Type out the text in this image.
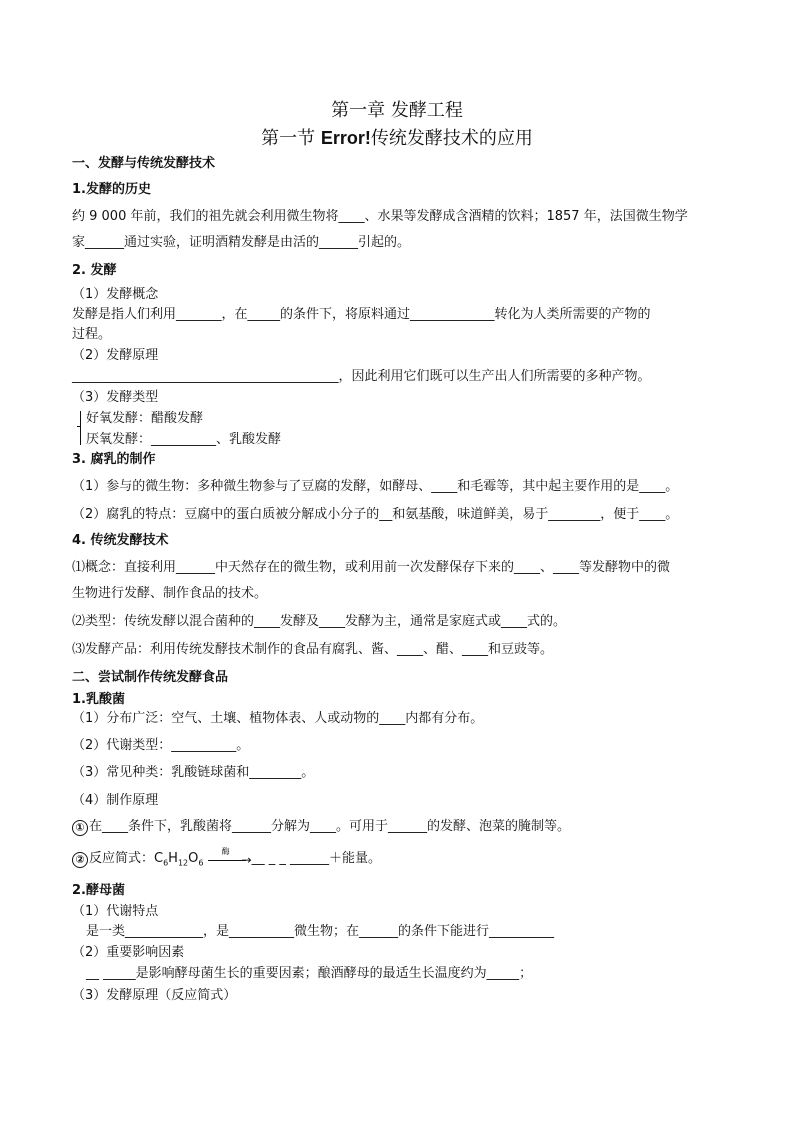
第一章 发酵工程
第一节 Error!传统发酵技术的应用
一、发酵与传统发酵技术
1.发酵的历史
约 9 000 年前，我们的祖先就会利用微生物将____、水果等发酵成含酒精的饮料；1857 年，法国微生物学
家______通过实验，证明酒精发酵是由活的______引起的。
2. 发酵
（1）发酵概念
发酵是指人们利用_______，在_____的条件下，将原料通过_____________转化为人类所需要的产物的
过程。
（2）发酵原理
_________________________________________，因此利用它们既可以生产出人们所需要的多种产物。
（3）发酵类型
好氧发酵：醋酸发酵
厌氧发酵：__________、乳酸发酵
3. 腐乳的制作
（1）参与的微生物：多种微生物参与了豆腐的发酵，如酵母、____和毛霉等，其中起主要作用的是____。
（2）腐乳的特点：豆腐中的蛋白质被分解成小分子的__和氨基酸，味道鲜美，易于________，便于____。
4. 传统发酵技术
⑴概念：直接利用______中天然存在的微生物，或利用前一次发酵保存下来的____、____等发酵物中的微
生物进行发酵、制作食品的技术。
⑵类型：传统发酵以混合菌种的____发酵及____发酵为主，通常是家庭式或____式的。
⑶发酵产品：利用传统发酵技术制作的食品有腐乳、酱、____、醋、____和豆豉等。
二、尝试制作传统发酵食品
1.乳酸菌
（1）分布广泛：空气、土壤、植物体表、人或动物的____内都有分布。
（2）代谢类型：__________。
（3）常见种类：乳酸链球菌和________。
（4）制作原理
① 在____条件下，乳酸菌将______分解为____。可用于______的发酵、泡菜的腌制等。
② 反应简式：$C_6H_{12}O_6$
酶
→ __ _ _ ______＋能量。
2.酵母菌
（1）代谢特点
是一类____________，是__________微生物；在______的条件下能进行__________
（2）重要影响因素
__ _____是影响酵母菌生长的重要因素；酿酒酵母的最适生长温度约为_____；
（3）发酵原理（反应简式）
